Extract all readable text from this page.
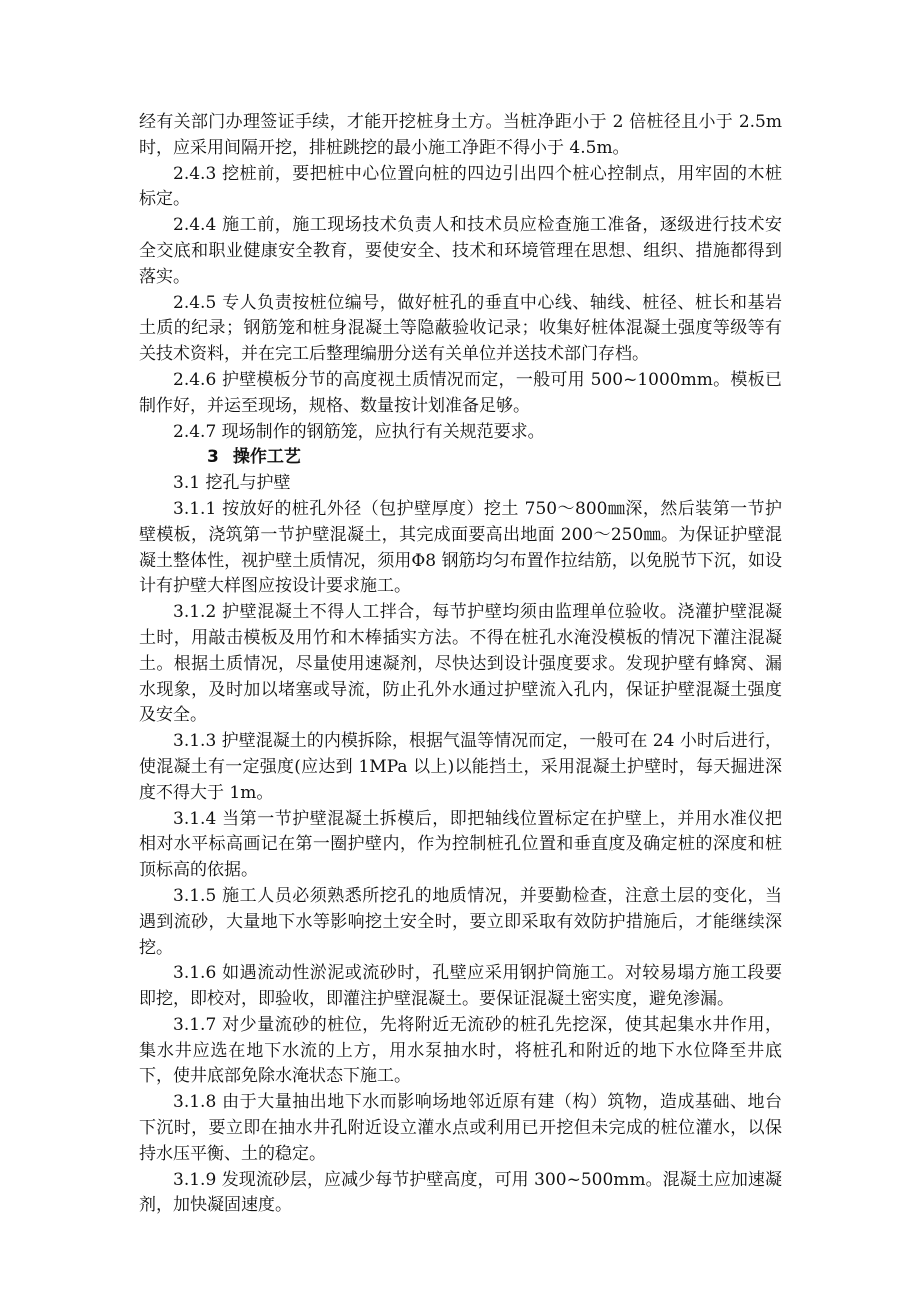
经有关部门办理签证手续，才能开挖桩身土方。当桩净距小于 2 倍桩径且小于 2.5m 时，应采用间隔开挖，排桩跳挖的最小施工净距不得小于 4.5m。

2.4.3 挖桩前，要把桩中心位置向桩的四边引出四个桩心控制点，用牢固的木桩标定。

2.4.4 施工前，施工现场技术负责人和技术员应检查施工准备，逐级进行技术安全交底和职业健康安全教育，要使安全、技术和环境管理在思想、组织、措施都得到落实。

2.4.5 专人负责按桩位编号，做好桩孔的垂直中心线、轴线、桩径、桩长和基岩土质的纪录；钢筋笼和桩身混凝土等隐蔽验收记录；收集好桩体混凝土强度等级等有关技术资料，并在完工后整理编册分送有关单位并送技术部门存档。

2.4.6 护壁模板分节的高度视土质情况而定，一般可用 500~1000mm。模板已制作好，并运至现场，规格、数量按计划准备足够。

2.4.7 现场制作的钢筋笼，应执行有关规范要求。

3 操作工艺

3.1 挖孔与护壁

3.1.1 按放好的桩孔外径（包护壁厚度）挖土 750～800㎜深，然后装第一节护壁模板，浇筑第一节护壁混凝土，其完成面要高出地面 200～250㎜。为保证护壁混凝土整体性，视护壁土质情况，须用Φ8 钢筋均匀布置作拉结筋，以免脱节下沉，如设计有护壁大样图应按设计要求施工。

3.1.2 护壁混凝土不得人工拌合，每节护壁均须由监理单位验收。浇灌护壁混凝土时，用敲击模板及用竹和木棒插实方法。不得在桩孔水淹没模板的情况下灌注混凝土。根据土质情况，尽量使用速凝剂，尽快达到设计强度要求。发现护壁有蜂窝、漏水现象，及时加以堵塞或导流，防止孔外水通过护壁流入孔内，保证护壁混凝土强度及安全。

3.1.3 护壁混凝土的内模拆除，根据气温等情况而定，一般可在 24 小时后进行，使混凝土有一定强度(应达到 1MPa 以上)以能挡土，采用混凝土护壁时，每天掘进深度不得大于 1m。

3.1.4 当第一节护壁混凝土拆模后，即把轴线位置标定在护壁上，并用水准仪把相对水平标高画记在第一圈护壁内，作为控制桩孔位置和垂直度及确定桩的深度和桩顶标高的依据。

3.1.5 施工人员必须熟悉所挖孔的地质情况，并要勤检查，注意土层的变化，当遇到流砂，大量地下水等影响挖土安全时，要立即采取有效防护措施后，才能继续深挖。

3.1.6 如遇流动性淤泥或流砂时，孔壁应采用钢护筒施工。对较易塌方施工段要即挖，即校对，即验收，即灌注护壁混凝土。要保证混凝土密实度，避免渗漏。

3.1.7 对少量流砂的桩位，先将附近无流砂的桩孔先挖深，使其起集水井作用，集水井应选在地下水流的上方，用水泵抽水时，将桩孔和附近的地下水位降至井底下，使井底部免除水淹状态下施工。

3.1.8 由于大量抽出地下水而影响场地邻近原有建（构）筑物，造成基础、地台下沉时，要立即在抽水井孔附近设立灌水点或利用已开挖但未完成的桩位灌水，以保持水压平衡、土的稳定。

3.1.9 发现流砂层，应减少每节护壁高度，可用 300~500mm。混凝土应加速凝剂，加快凝固速度。
